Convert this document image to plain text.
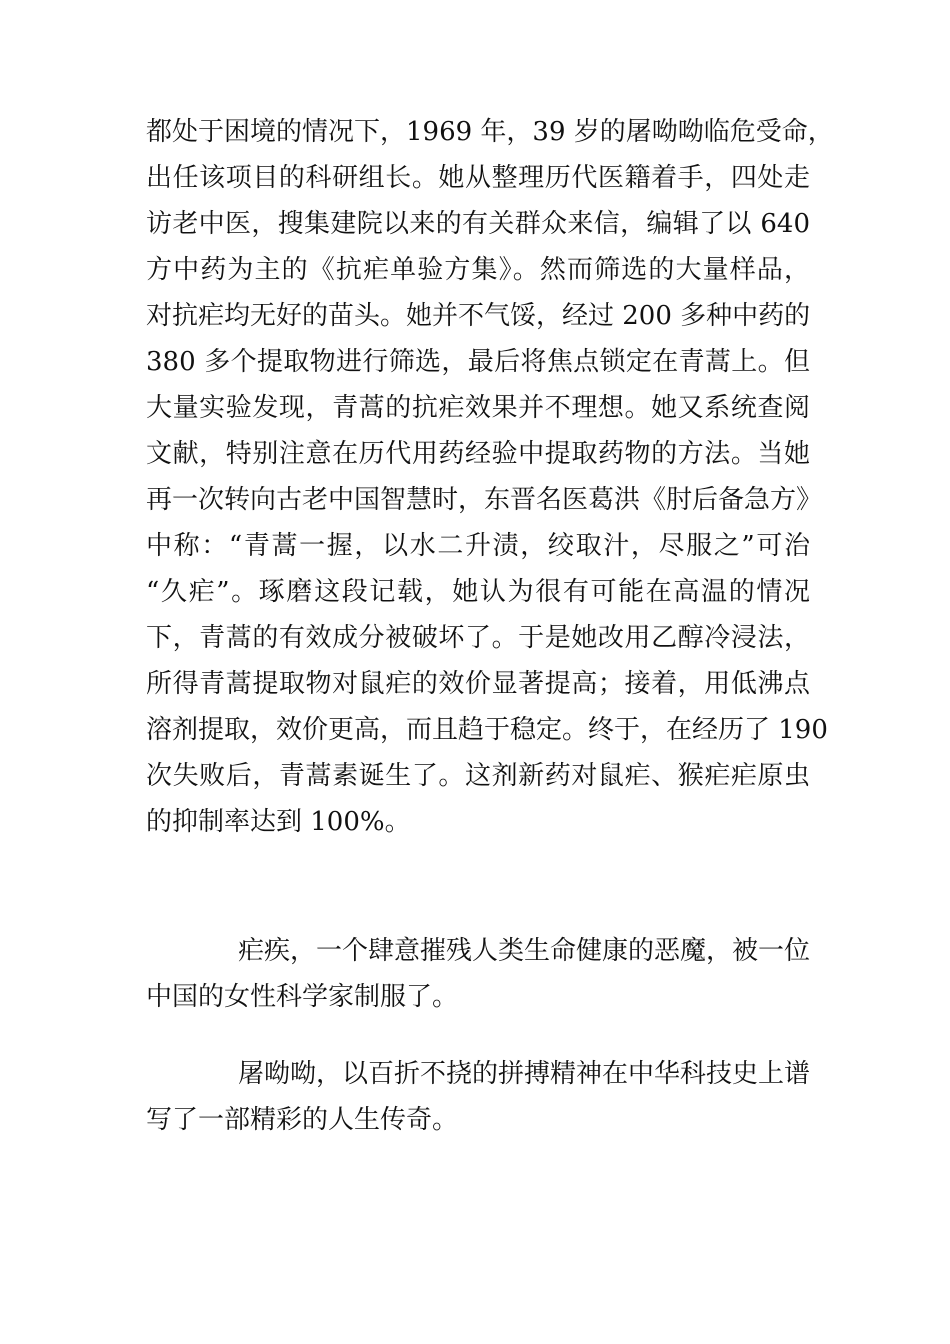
都处于困境的情况下，1969 年，39 岁的屠呦呦临危受命，
出任该项目的科研组长。她从整理历代医籍着手，四处走
访老中医，搜集建院以来的有关群众来信，编辑了以 640
方中药为主的《抗疟单验方集》。然而筛选的大量样品，
对抗疟均无好的苗头。她并不气馁，经过 200 多种中药的
380 多个提取物进行筛选，最后将焦点锁定在青蒿上。但
大量实验发现，青蒿的抗疟效果并不理想。她又系统查阅
文献，特别注意在历代用药经验中提取药物的方法。当她
再一次转向古老中国智慧时，东晋名医葛洪《肘后备急方》
中称：“青蒿一握，以水二升渍，绞取汁，尽服之”可治
“久疟”。琢磨这段记载，她认为很有可能在高温的情况
下，青蒿的有效成分被破坏了。于是她改用乙醇冷浸法，
所得青蒿提取物对鼠疟的效价显著提高；接着，用低沸点
溶剂提取，效价更高，而且趋于稳定。终于，在经历了 190
次失败后，青蒿素诞生了。这剂新药对鼠疟、猴疟疟原虫
的抑制率达到 100%。
疟疾，一个肆意摧残人类生命健康的恶魔，被一位
中国的女性科学家制服了。
屠呦呦，以百折不挠的拼搏精神在中华科技史上谱
写了一部精彩的人生传奇。
